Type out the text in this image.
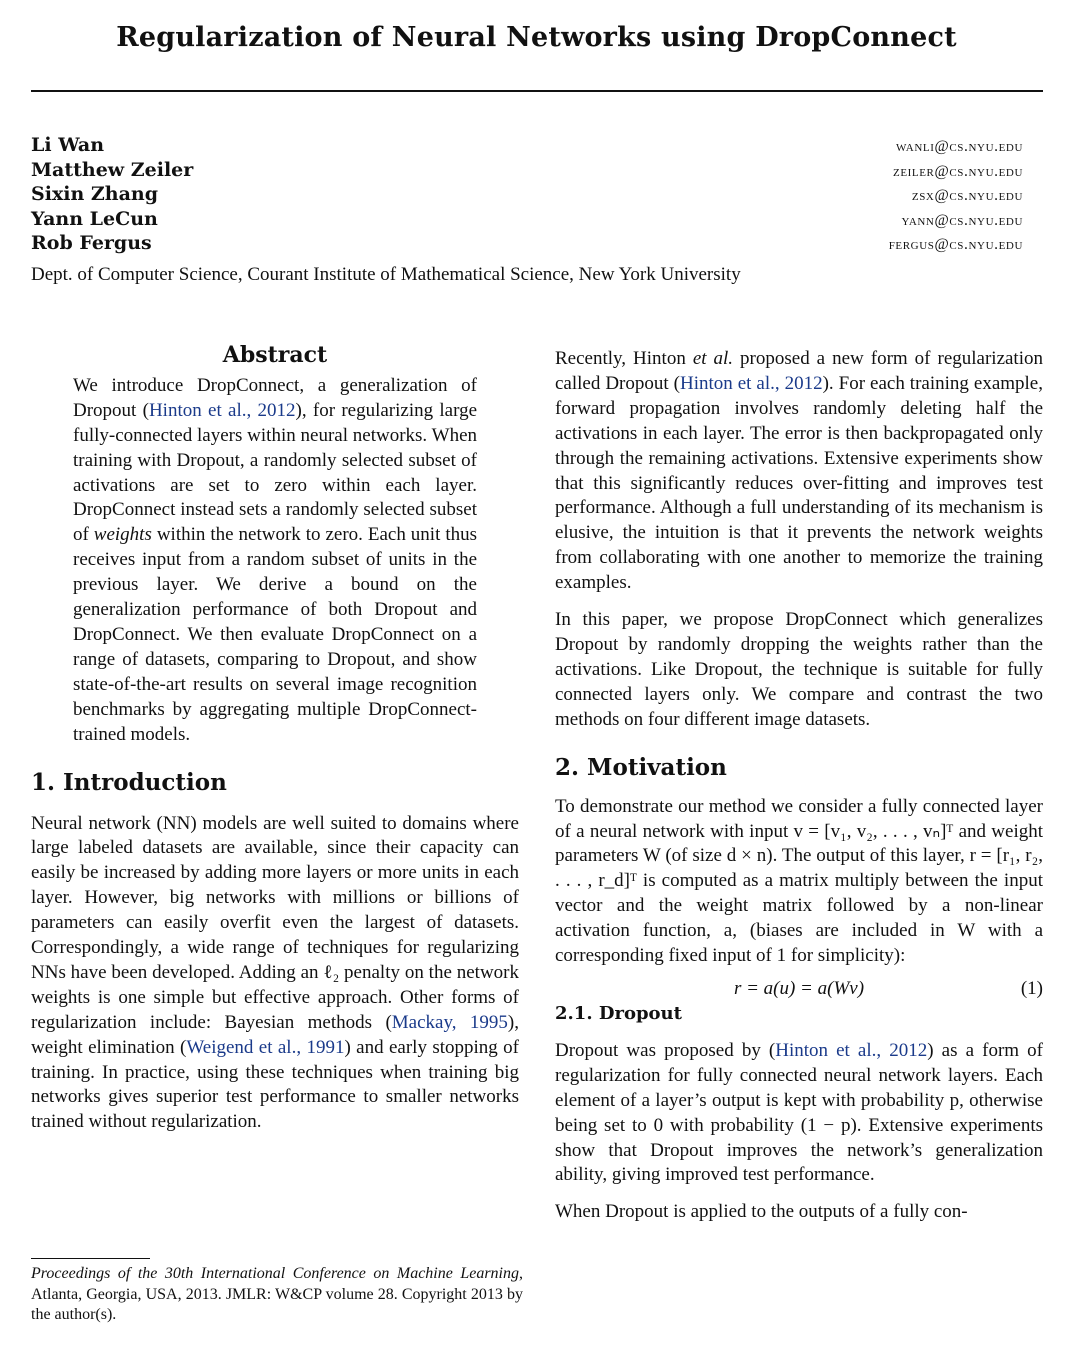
Regularization of Neural Networks using DropConnect
Li Wan	wanli@cs.nyu.edu
Matthew Zeiler	zeiler@cs.nyu.edu
Sixin Zhang	zsx@cs.nyu.edu
Yann LeCun	yann@cs.nyu.edu
Rob Fergus	fergus@cs.nyu.edu
Dept. of Computer Science, Courant Institute of Mathematical Science, New York University
Abstract

We introduce DropConnect, a generalization of Dropout (Hinton et al., 2012), for regularizing large fully-connected layers within neural networks. When training with Dropout, a randomly selected subset of activations are set to zero within each layer. DropConnect instead sets a randomly selected subset of weights within the network to zero. Each unit thus receives input from a random subset of units in the previous layer. We derive a bound on the generalization performance of both Dropout and DropConnect. We then evaluate DropConnect on a range of datasets, comparing to Dropout, and show state-of-the-art results on several image recognition benchmarks by aggregating multiple DropConnect-trained models.

1. Introduction

Neural network (NN) models are well suited to domains where large labeled datasets are available, since their capacity can easily be increased by adding more layers or more units in each layer. However, big networks with millions or billions of parameters can easily overfit even the largest of datasets. Correspondingly, a wide range of techniques for regularizing NNs have been developed. Adding an ℓ₂ penalty on the network weights is one simple but effective approach. Other forms of regularization include: Bayesian methods (Mackay, 1995), weight elimination (Weigend et al., 1991) and early stopping of training. In practice, using these techniques when training big networks gives superior test performance to smaller networks trained without regularization.

Proceedings of the 30th International Conference on Machine Learning, Atlanta, Georgia, USA, 2013. JMLR: W&CP volume 28. Copyright 2013 by the author(s).

Recently, Hinton et al. proposed a new form of regularization called Dropout (Hinton et al., 2012). For each training example, forward propagation involves randomly deleting half the activations in each layer. The error is then backpropagated only through the remaining activations. Extensive experiments show that this significantly reduces over-fitting and improves test performance. Although a full understanding of its mechanism is elusive, the intuition is that it prevents the network weights from collaborating with one another to memorize the training examples.

In this paper, we propose DropConnect which generalizes Dropout by randomly dropping the weights rather than the activations. Like Dropout, the technique is suitable for fully connected layers only. We compare and contrast the two methods on four different image datasets.

2. Motivation

To demonstrate our method we consider a fully connected layer of a neural network with input v = [v₁, v₂, . . . , vₙ]ᵀ and weight parameters W (of size d × n). The output of this layer, r = [r₁, r₂, . . . , r_d]ᵀ is computed as a matrix multiply between the input vector and the weight matrix followed by a non-linear activation function, a, (biases are included in W with a corresponding fixed input of 1 for simplicity):

r = a(u) = a(Wv)	(1)
2.1. Dropout

Dropout was proposed by (Hinton et al., 2012) as a form of regularization for fully connected neural network layers. Each element of a layer’s output is kept with probability p, otherwise being set to 0 with probability (1 − p). Extensive experiments show that Dropout improves the network’s generalization ability, giving improved test performance.

When Dropout is applied to the outputs of a fully con-
